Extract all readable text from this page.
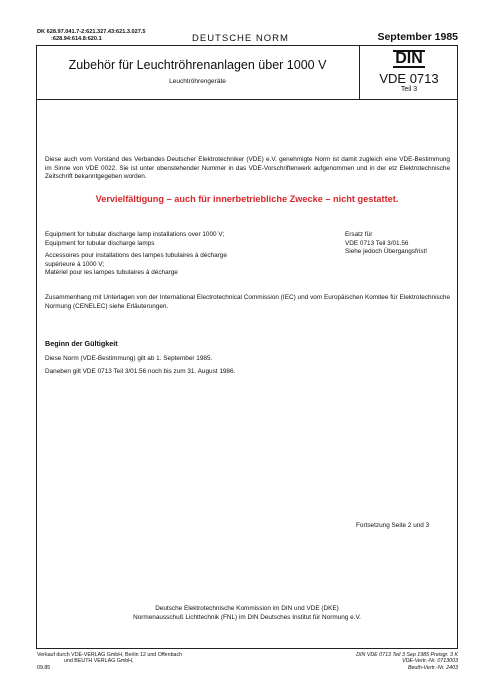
DK 628.97.041.7-2:621.327.43:621.3.027.5
:628.94:614.8:620.1	DEUTSCHE NORM	September 1985
Zubehör für Leuchtröhrenanlagen über 1000 V
Leuchtröhrengeräte
DIN
VDE 0713
Teil 3
Diese auch vom Vorstand des Verbandes Deutscher Elektrotechniker (VDE) e.V. genehmigte Norm ist damit zugleich eine VDE-Bestimmung im Sinne von VDE 0022. Sie ist unter obenstehender Nummer in das VDE-Vorschriftenwerk aufgenommen und in der etz Elektrotechnische Zeitschrift bekanntgegeben worden.
Vervielfältigung – auch für innerbetriebliche Zwecke – nicht gestattet.
Equipment for tubular discharge lamp installations over 1000 V;
Equipment for tubular discharge lamps
Accessoires pour installations des lampes tubulaires à décharge
supérieure à 1000 V;
Matériel pour les lampes tubulaires à décharge
Ersatz für
VDE 0713 Teil 3/01.56
Siehe jedoch Übergangsfrist!
Zusammenhang mit Unterlagen von der International Electrotechnical Commission (IEC) und vom Europäischen Komitee für Elektrotechnische Normung (CENELEC) siehe Erläuterungen.
Beginn der Gültigkeit
Diese Norm (VDE-Bestimmung) gilt ab 1. September 1985.
Daneben gilt VDE 0713 Teil 3/01.56 noch bis zum 31. August 1986.
Fortsetzung Seite 2 und 3
Deutsche Elektrotechnische Kommission im DIN und VDE (DKE)
Normenausschuß Lichttechnik (FNL) im DIN Deutsches Institut für Normung e.V.
Verkauf durch VDE-VERLAG GmbH, Berlin 12 und Offenbach
und BEUTH VERLAG GmbH,
09.85
DIN VDE 0713 Teil 3 Sep 1985 Preisgr. 3 K
VDE-Vertr.-Nr. 0713003
Beuth-Vertr.-Nr. 2403
